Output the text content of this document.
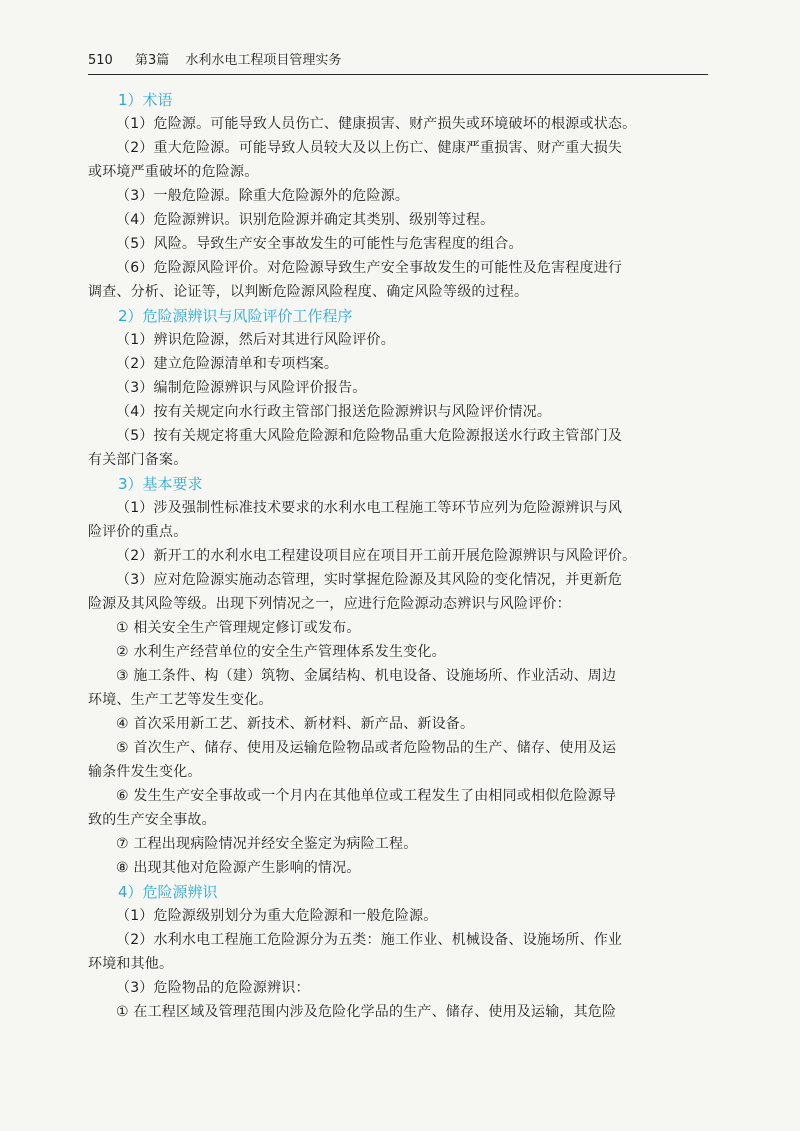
510 第3篇 水利水电工程项目管理实务
1）术语
（1）危险源。可能导致人员伤亡、健康损害、财产损失或环境破坏的根源或状态。
（2）重大危险源。可能导致人员较大及以上伤亡、健康严重损害、财产重大损失
或环境严重破坏的危险源。
（3）一般危险源。除重大危险源外的危险源。
（4）危险源辨识。识别危险源并确定其类别、级别等过程。
（5）风险。导致生产安全事故发生的可能性与危害程度的组合。
（6）危险源风险评价。对危险源导致生产安全事故发生的可能性及危害程度进行
调查、分析、论证等，以判断危险源风险程度、确定风险等级的过程。
2）危险源辨识与风险评价工作程序
（1）辨识危险源，然后对其进行风险评价。
（2）建立危险源清单和专项档案。
（3）编制危险源辨识与风险评价报告。
（4）按有关规定向水行政主管部门报送危险源辨识与风险评价情况。
（5）按有关规定将重大风险危险源和危险物品重大危险源报送水行政主管部门及
有关部门备案。
3）基本要求
（1）涉及强制性标准技术要求的水利水电工程施工等环节应列为危险源辨识与风
险评价的重点。
（2）新开工的水利水电工程建设项目应在项目开工前开展危险源辨识与风险评价。
（3）应对危险源实施动态管理，实时掌握危险源及其风险的变化情况，并更新危
险源及其风险等级。出现下列情况之一，应进行危险源动态辨识与风险评价：
① 相关安全生产管理规定修订或发布。
② 水利生产经营单位的安全生产管理体系发生变化。
③ 施工条件、构（建）筑物、金属结构、机电设备、设施场所、作业活动、周边
环境、生产工艺等发生变化。
④ 首次采用新工艺、新技术、新材料、新产品、新设备。
⑤ 首次生产、储存、使用及运输危险物品或者危险物品的生产、储存、使用及运
输条件发生变化。
⑥ 发生生产安全事故或一个月内在其他单位或工程发生了由相同或相似危险源导
致的生产安全事故。
⑦ 工程出现病险情况并经安全鉴定为病险工程。
⑧ 出现其他对危险源产生影响的情况。
4）危险源辨识
（1）危险源级别划分为重大危险源和一般危险源。
（2）水利水电工程施工危险源分为五类：施工作业、机械设备、设施场所、作业
环境和其他。
（3）危险物品的危险源辨识：
① 在工程区域及管理范围内涉及危险化学品的生产、储存、使用及运输，其危险
